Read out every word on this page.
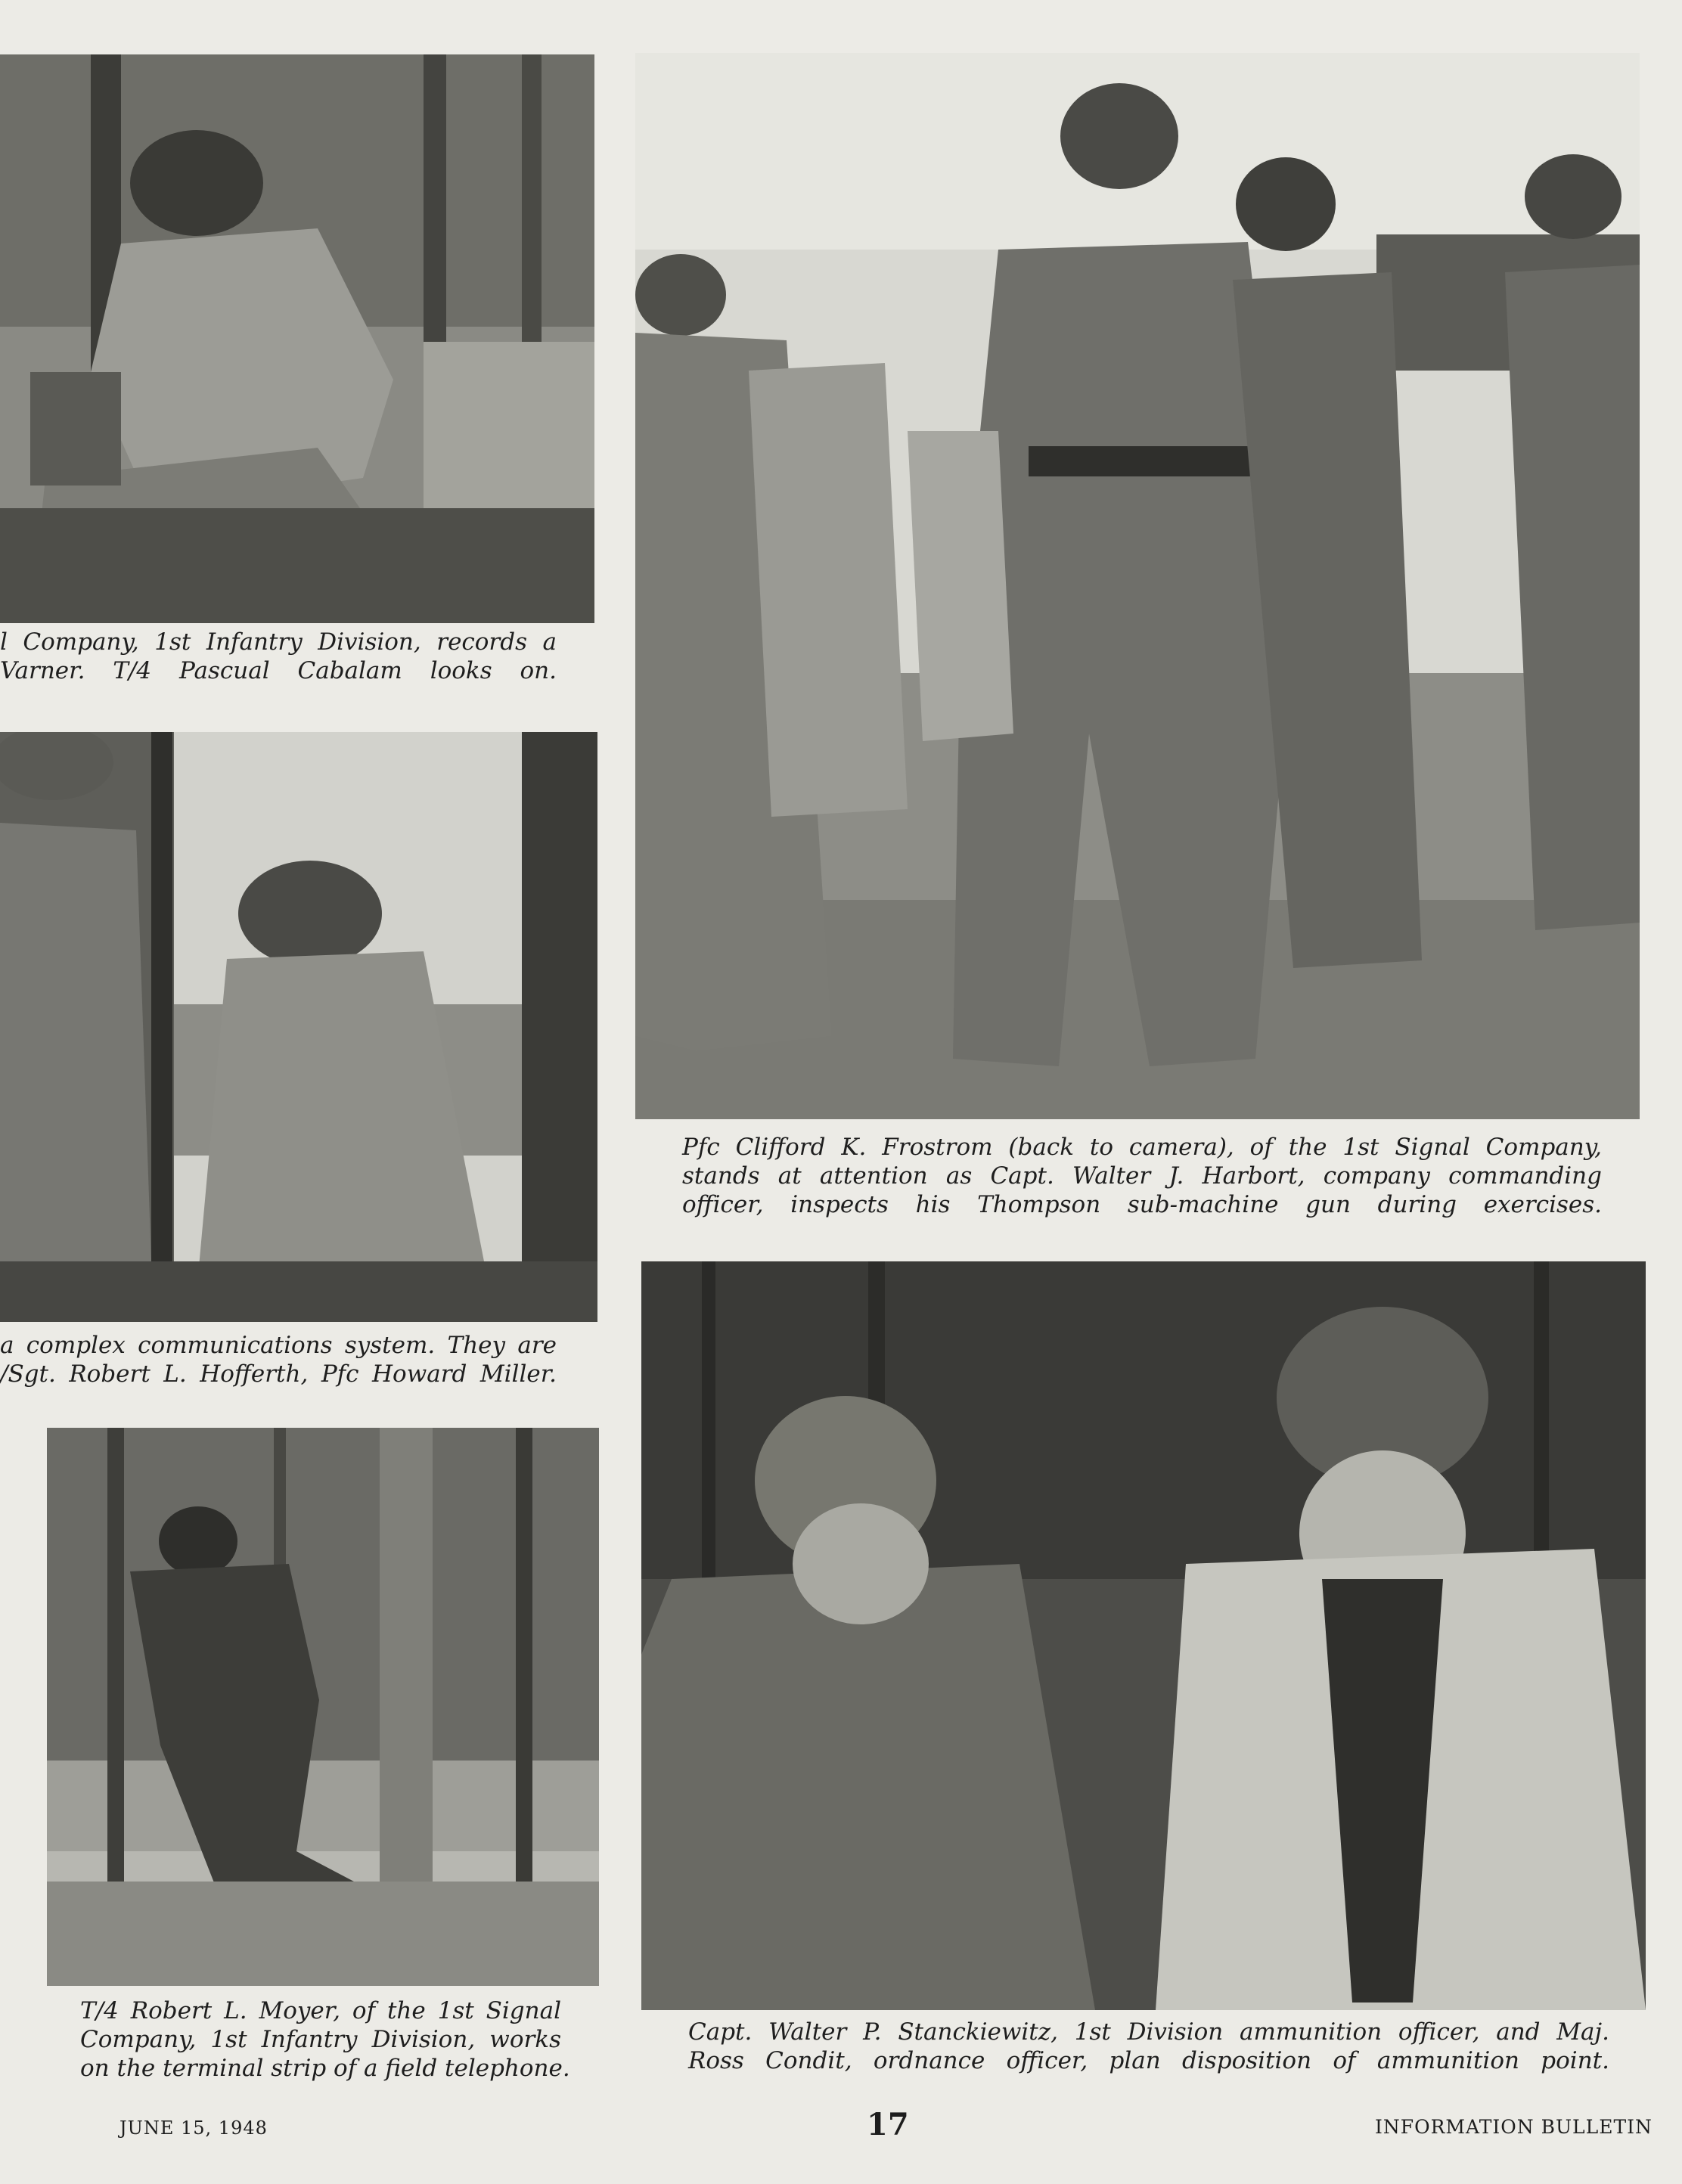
l Company, 1st Infantry Division, records a
Varner. T/4 Pascual Cabalam looks on.
a complex communications system. They are
/Sgt. Robert L. Hofferth, Pfc Howard Miller.
T/4 Robert L. Moyer, of the 1st Signal
Company, 1st Infantry Division, works
on the terminal strip of a field telephone.
Pfc Clifford K. Frostrom (back to camera), of the 1st Signal Company,
stands at attention as Capt. Walter J. Harbort, company commanding
officer, inspects his Thompson sub-machine gun during exercises.
Capt. Walter P. Stanckiewitz, 1st Division ammunition officer, and Maj.
Ross Condit, ordnance officer, plan disposition of ammunition point.
JUNE 15, 1948	17	INFORMATION BULLETIN
